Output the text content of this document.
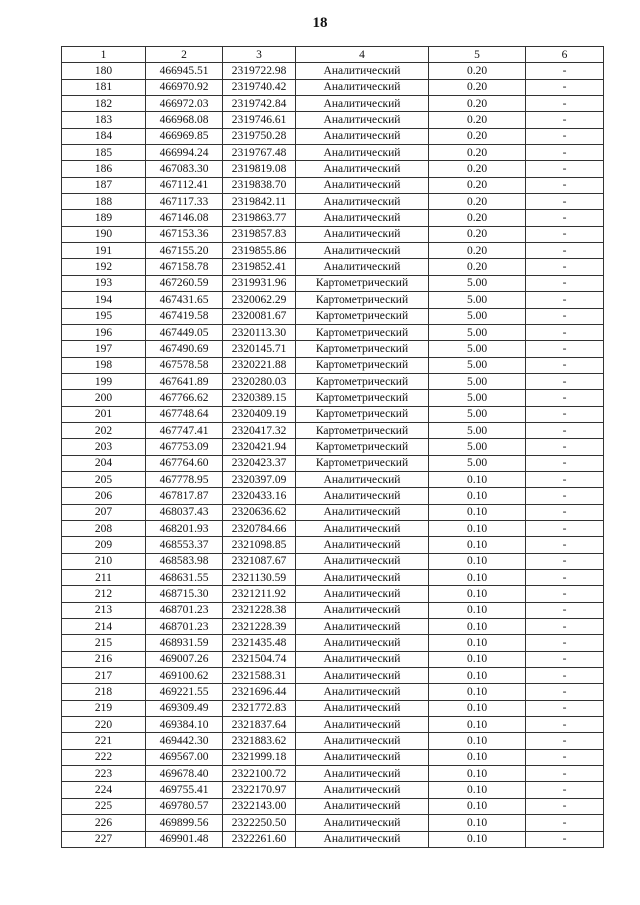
18
1	2	3	4	5	6
180	466945.51	2319722.98	Аналитический	0.20	-
181	466970.92	2319740.42	Аналитический	0.20	-
182	466972.03	2319742.84	Аналитический	0.20	-
183	466968.08	2319746.61	Аналитический	0.20	-
184	466969.85	2319750.28	Аналитический	0.20	-
185	466994.24	2319767.48	Аналитический	0.20	-
186	467083.30	2319819.08	Аналитический	0.20	-
187	467112.41	2319838.70	Аналитический	0.20	-
188	467117.33	2319842.11	Аналитический	0.20	-
189	467146.08	2319863.77	Аналитический	0.20	-
190	467153.36	2319857.83	Аналитический	0.20	-
191	467155.20	2319855.86	Аналитический	0.20	-
192	467158.78	2319852.41	Аналитический	0.20	-
193	467260.59	2319931.96	Картометрический	5.00	-
194	467431.65	2320062.29	Картометрический	5.00	-
195	467419.58	2320081.67	Картометрический	5.00	-
196	467449.05	2320113.30	Картометрический	5.00	-
197	467490.69	2320145.71	Картометрический	5.00	-
198	467578.58	2320221.88	Картометрический	5.00	-
199	467641.89	2320280.03	Картометрический	5.00	-
200	467766.62	2320389.15	Картометрический	5.00	-
201	467748.64	2320409.19	Картометрический	5.00	-
202	467747.41	2320417.32	Картометрический	5.00	-
203	467753.09	2320421.94	Картометрический	5.00	-
204	467764.60	2320423.37	Картометрический	5.00	-
205	467778.95	2320397.09	Аналитический	0.10	-
206	467817.87	2320433.16	Аналитический	0.10	-
207	468037.43	2320636.62	Аналитический	0.10	-
208	468201.93	2320784.66	Аналитический	0.10	-
209	468553.37	2321098.85	Аналитический	0.10	-
210	468583.98	2321087.67	Аналитический	0.10	-
211	468631.55	2321130.59	Аналитический	0.10	-
212	468715.30	2321211.92	Аналитический	0.10	-
213	468701.23	2321228.38	Аналитический	0.10	-
214	468701.23	2321228.39	Аналитический	0.10	-
215	468931.59	2321435.48	Аналитический	0.10	-
216	469007.26	2321504.74	Аналитический	0.10	-
217	469100.62	2321588.31	Аналитический	0.10	-
218	469221.55	2321696.44	Аналитический	0.10	-
219	469309.49	2321772.83	Аналитический	0.10	-
220	469384.10	2321837.64	Аналитический	0.10	-
221	469442.30	2321883.62	Аналитический	0.10	-
222	469567.00	2321999.18	Аналитический	0.10	-
223	469678.40	2322100.72	Аналитический	0.10	-
224	469755.41	2322170.97	Аналитический	0.10	-
225	469780.57	2322143.00	Аналитический	0.10	-
226	469899.56	2322250.50	Аналитический	0.10	-
227	469901.48	2322261.60	Аналитический	0.10	-
